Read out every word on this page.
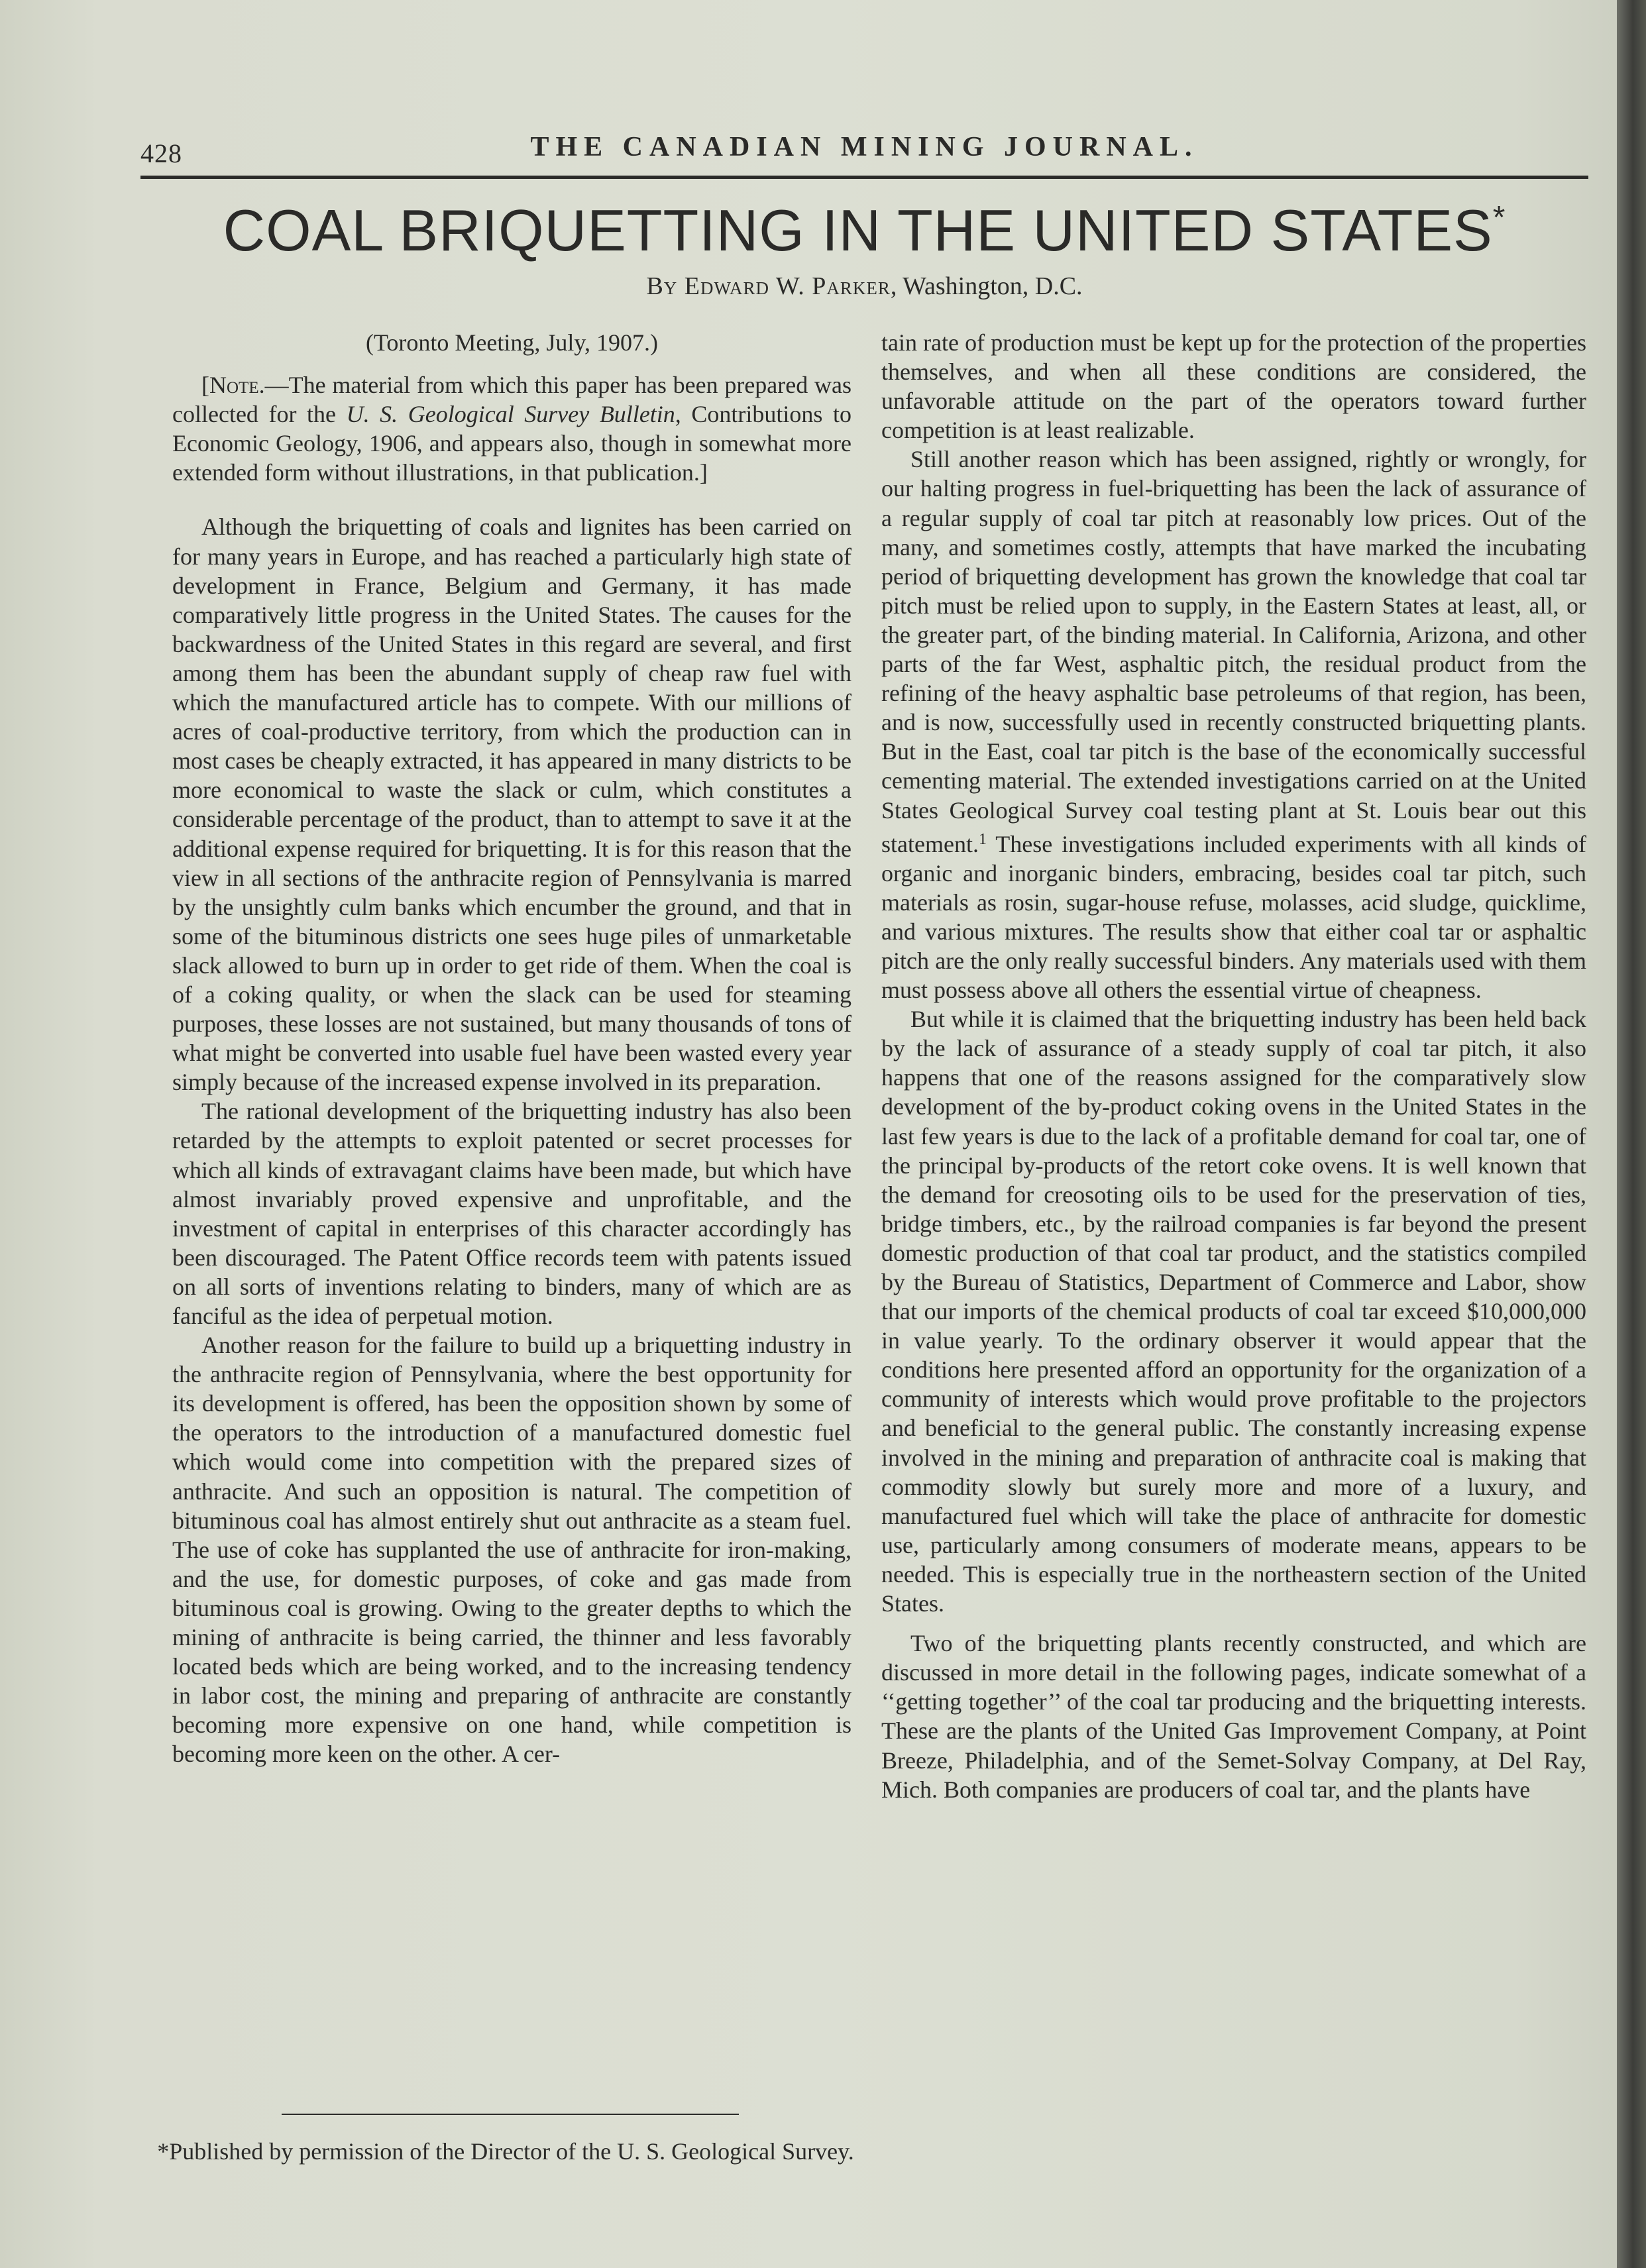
428	THE CANADIAN MINING JOURNAL.
COAL BRIQUETTING IN THE UNITED STATES*
By Edward W. Parker, Washington, D.C.

(Toronto Meeting, July, 1907.)

[Note.—The material from which this paper has been prepared was collected for the U. S. Geological Survey Bulletin, Contributions to Economic Geology, 1906, and appears also, though in somewhat more extended form without illustrations, in that publication.]

Although the briquetting of coals and lignites has been carried on for many years in Europe, and has reached a particularly high state of development in France, Belgium and Germany, it has made comparatively little progress in the United States. The causes for the backwardness of the United States in this regard are several, and first among them has been the abundant supply of cheap raw fuel with which the manufactured article has to compete. With our millions of acres of coal-productive territory, from which the production can in most cases be cheaply extracted, it has appeared in many districts to be more economical to waste the slack or culm, which constitutes a considerable percentage of the product, than to attempt to save it at the additional expense required for briquetting. It is for this reason that the view in all sections of the anthracite region of Pennsylvania is marred by the unsightly culm banks which encumber the ground, and that in some of the bituminous districts one sees huge piles of unmarketable slack allowed to burn up in order to get ride of them. When the coal is of a coking quality, or when the slack can be used for steaming purposes, these losses are not sustained, but many thousands of tons of what might be converted into usable fuel have been wasted every year simply because of the increased expense involved in its preparation.

The rational development of the briquetting industry has also been retarded by the attempts to exploit patented or secret processes for which all kinds of extravagant claims have been made, but which have almost invariably proved expensive and unprofitable, and the investment of capital in enterprises of this character accordingly has been discouraged. The Patent Office records teem with patents issued on all sorts of inventions relating to binders, many of which are as fanciful as the idea of perpetual motion.

Another reason for the failure to build up a briquetting industry in the anthracite region of Pennsylvania, where the best opportunity for its development is offered, has been the opposition shown by some of the operators to the introduction of a manufactured domestic fuel which would come into competition with the prepared sizes of anthracite. And such an opposition is natural. The competition of bituminous coal has almost entirely shut out anthracite as a steam fuel. The use of coke has supplanted the use of anthracite for iron-making, and the use, for domestic purposes, of coke and gas made from bituminous coal is growing. Owing to the greater depths to which the mining of anthracite is being carried, the thinner and less favorably located beds which are being worked, and to the increasing tendency in labor cost, the mining and preparing of anthracite are constantly becoming more expensive on one hand, while competition is becoming more keen on the other. A cer-

tain rate of production must be kept up for the protection of the properties themselves, and when all these conditions are considered, the unfavorable attitude on the part of the operators toward further competition is at least realizable.

Still another reason which has been assigned, rightly or wrongly, for our halting progress in fuel-briquetting has been the lack of assurance of a regular supply of coal tar pitch at reasonably low prices. Out of the many, and sometimes costly, attempts that have marked the incubating period of briquetting development has grown the knowledge that coal tar pitch must be relied upon to supply, in the Eastern States at least, all, or the greater part, of the binding material. In California, Arizona, and other parts of the far West, asphaltic pitch, the residual product from the refining of the heavy asphaltic base petroleums of that region, has been, and is now, successfully used in recently constructed briquetting plants. But in the East, coal tar pitch is the base of the economically successful cementing material. The extended investigations carried on at the United States Geological Survey coal testing plant at St. Louis bear out this statement.$^1$ These investigations included experiments with all kinds of organic and inorganic binders, embracing, besides coal tar pitch, such materials as rosin, sugar-house refuse, molasses, acid sludge, quicklime, and various mixtures. The results show that either coal tar or asphaltic pitch are the only really successful binders. Any materials used with them must possess above all others the essential virtue of cheapness.

But while it is claimed that the briquetting industry has been held back by the lack of assurance of a steady supply of coal tar pitch, it also happens that one of the reasons assigned for the comparatively slow development of the by-product coking ovens in the United States in the last few years is due to the lack of a profitable demand for coal tar, one of the principal by-products of the retort coke ovens. It is well known that the demand for creosoting oils to be used for the preservation of ties, bridge timbers, etc., by the railroad companies is far beyond the present domestic production of that coal tar product, and the statistics compiled by the Bureau of Statistics, Department of Commerce and Labor, show that our imports of the chemical products of coal tar exceed $10,000,000 in value yearly. To the ordinary observer it would appear that the conditions here presented afford an opportunity for the organization of a community of interests which would prove profitable to the projectors and beneficial to the general public. The constantly increasing expense involved in the mining and preparation of anthracite coal is making that commodity slowly but surely more and more of a luxury, and manufactured fuel which will take the place of anthracite for domestic use, particularly among consumers of moderate means, appears to be needed. This is especially true in the northeastern section of the United States.

Two of the briquetting plants recently constructed, and which are discussed in more detail in the following pages, indicate somewhat of a ‘‘getting together’’ of the coal tar producing and the briquetting interests. These are the plants of the United Gas Improvement Company, at Point Breeze, Philadelphia, and of the Semet-Solvay Company, at Del Ray, Mich. Both companies are producers of coal tar, and the plants have

*Published by permission of the Director of the U. S. Geological Survey.
